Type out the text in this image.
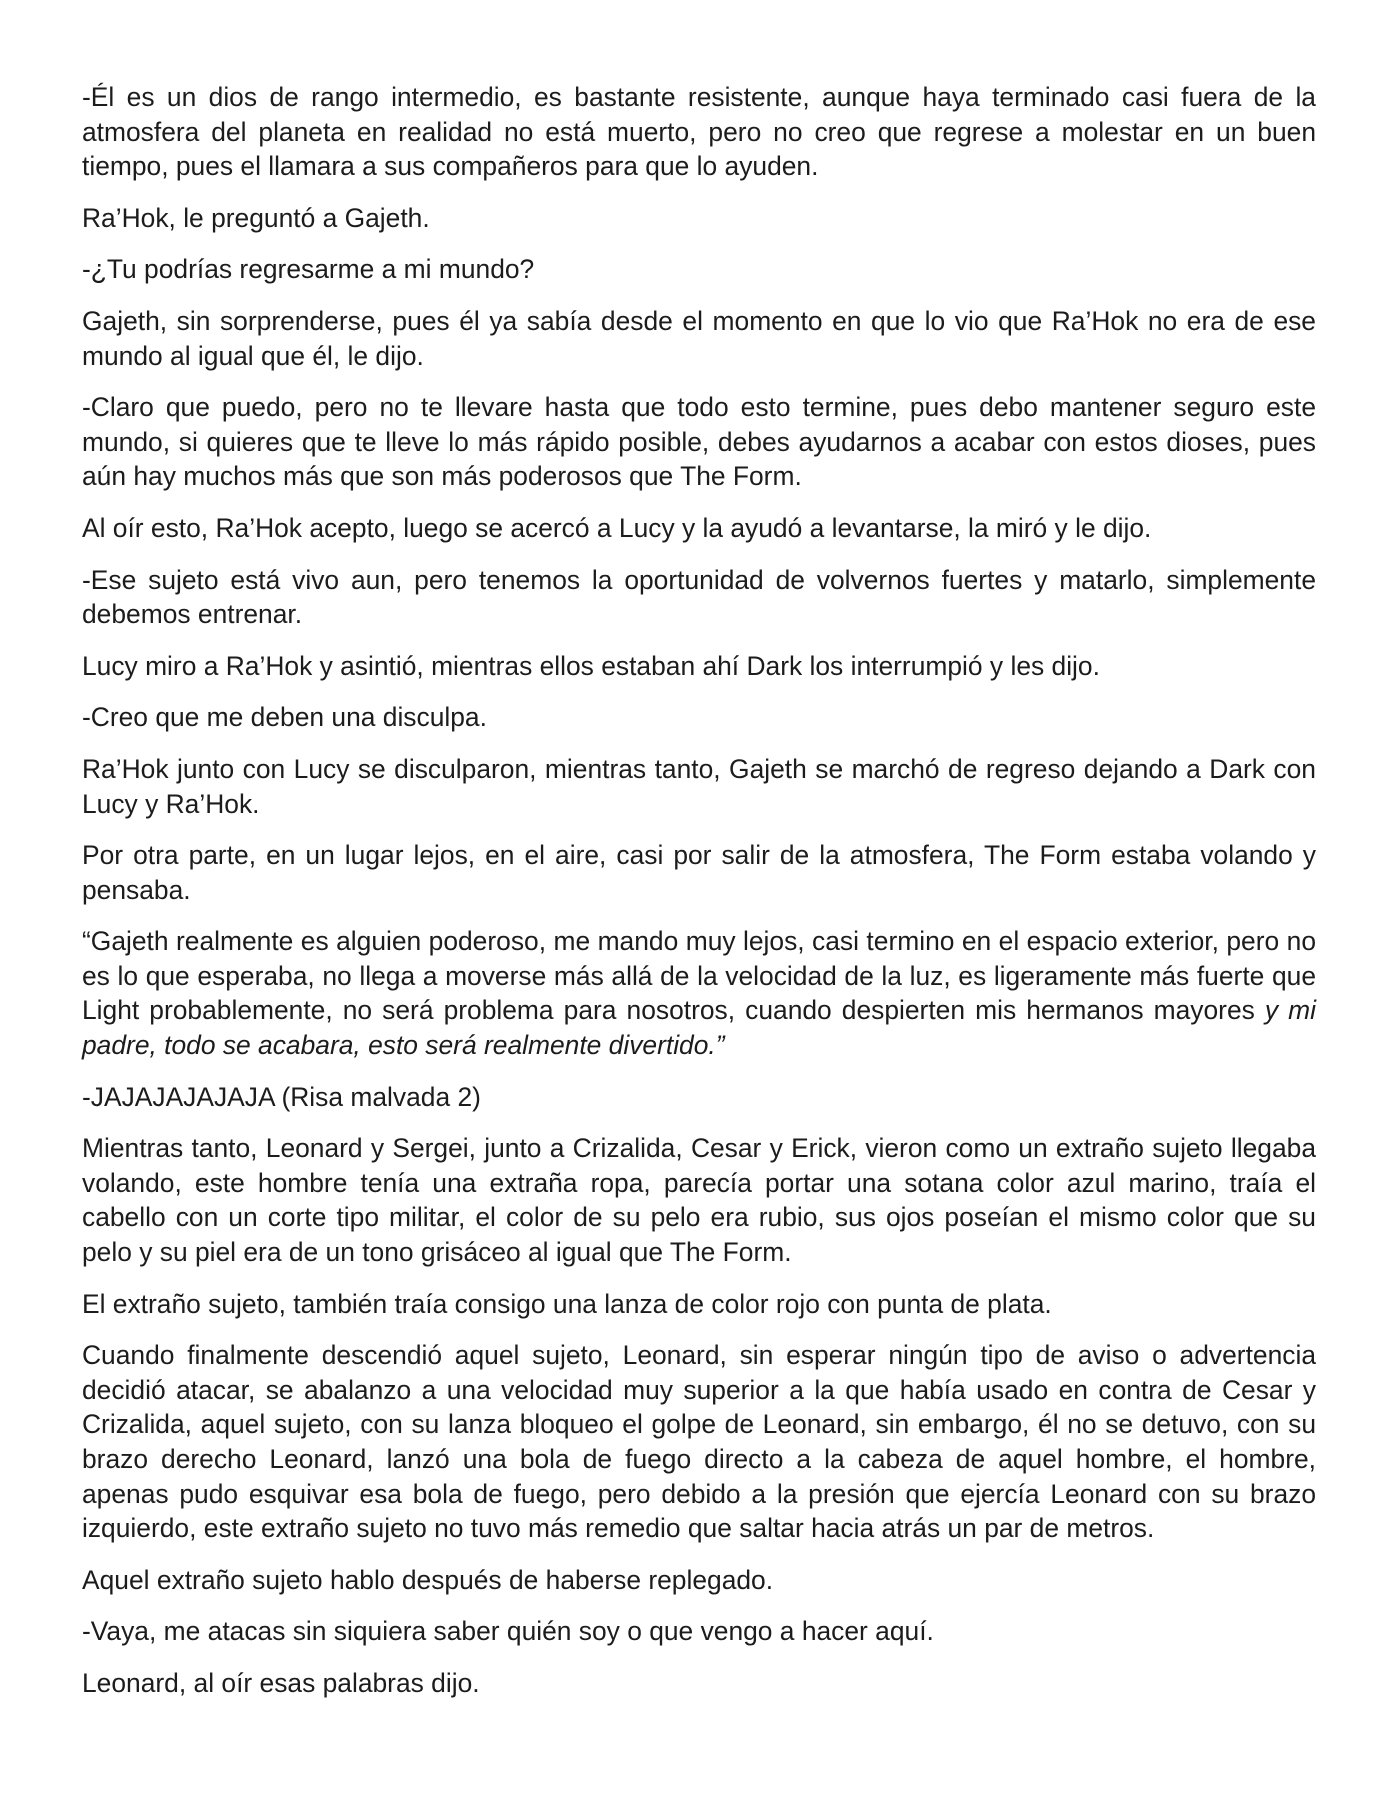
-Él es un dios de rango intermedio, es bastante resistente, aunque haya terminado casi fuera de la atmosfera del planeta en realidad no está muerto, pero no creo que regrese a molestar en un buen tiempo, pues el llamara a sus compañeros para que lo ayuden.

Ra’Hok, le preguntó a Gajeth.

-¿Tu podrías regresarme a mi mundo?

Gajeth, sin sorprenderse, pues él ya sabía desde el momento en que lo vio que Ra’Hok no era de ese mundo al igual que él, le dijo.

-Claro que puedo, pero no te llevare hasta que todo esto termine, pues debo mantener seguro este mundo, si quieres que te lleve lo más rápido posible, debes ayudarnos a acabar con estos dioses, pues aún hay muchos más que son más poderosos que The Form.

Al oír esto, Ra’Hok acepto, luego se acercó a Lucy y la ayudó a levantarse, la miró y le dijo.

-Ese sujeto está vivo aun, pero tenemos la oportunidad de volvernos fuertes y matarlo, simplemente debemos entrenar.

Lucy miro a Ra’Hok y asintió, mientras ellos estaban ahí Dark los interrumpió y les dijo.

-Creo que me deben una disculpa.

Ra’Hok junto con Lucy se disculparon, mientras tanto, Gajeth se marchó de regreso dejando a Dark con Lucy y Ra’Hok.

Por otra parte, en un lugar lejos, en el aire, casi por salir de la atmosfera, The Form estaba volando y pensaba.

“Gajeth realmente es alguien poderoso, me mando muy lejos, casi termino en el espacio exterior, pero no es lo que esperaba, no llega a moverse más allá de la velocidad de la luz, es ligeramente más fuerte que Light probablemente, no será problema para nosotros, cuando despierten mis hermanos mayores y mi padre, todo se acabara, esto será realmente divertido.”

-JAJAJAJAJAJA (Risa malvada 2)

Mientras tanto, Leonard y Sergei, junto a Crizalida, Cesar y Erick, vieron como un extraño sujeto llegaba volando, este hombre tenía una extraña ropa, parecía portar una sotana color azul marino, traía el cabello con un corte tipo militar, el color de su pelo era rubio, sus ojos poseían el mismo color que su pelo y su piel era de un tono grisáceo al igual que The Form.

El extraño sujeto, también traía consigo una lanza de color rojo con punta de plata.

Cuando finalmente descendió aquel sujeto, Leonard, sin esperar ningún tipo de aviso o advertencia decidió atacar, se abalanzo a una velocidad muy superior a la que había usado en contra de Cesar y Crizalida, aquel sujeto, con su lanza bloqueo el golpe de Leonard, sin embargo, él no se detuvo, con su brazo derecho Leonard, lanzó una bola de fuego directo a la cabeza de aquel hombre, el hombre, apenas pudo esquivar esa bola de fuego, pero debido a la presión que ejercía Leonard con su brazo izquierdo, este extraño sujeto no tuvo más remedio que saltar hacia atrás un par de metros.

Aquel extraño sujeto hablo después de haberse replegado.

-Vaya, me atacas sin siquiera saber quién soy o que vengo a hacer aquí.

Leonard, al oír esas palabras dijo.
